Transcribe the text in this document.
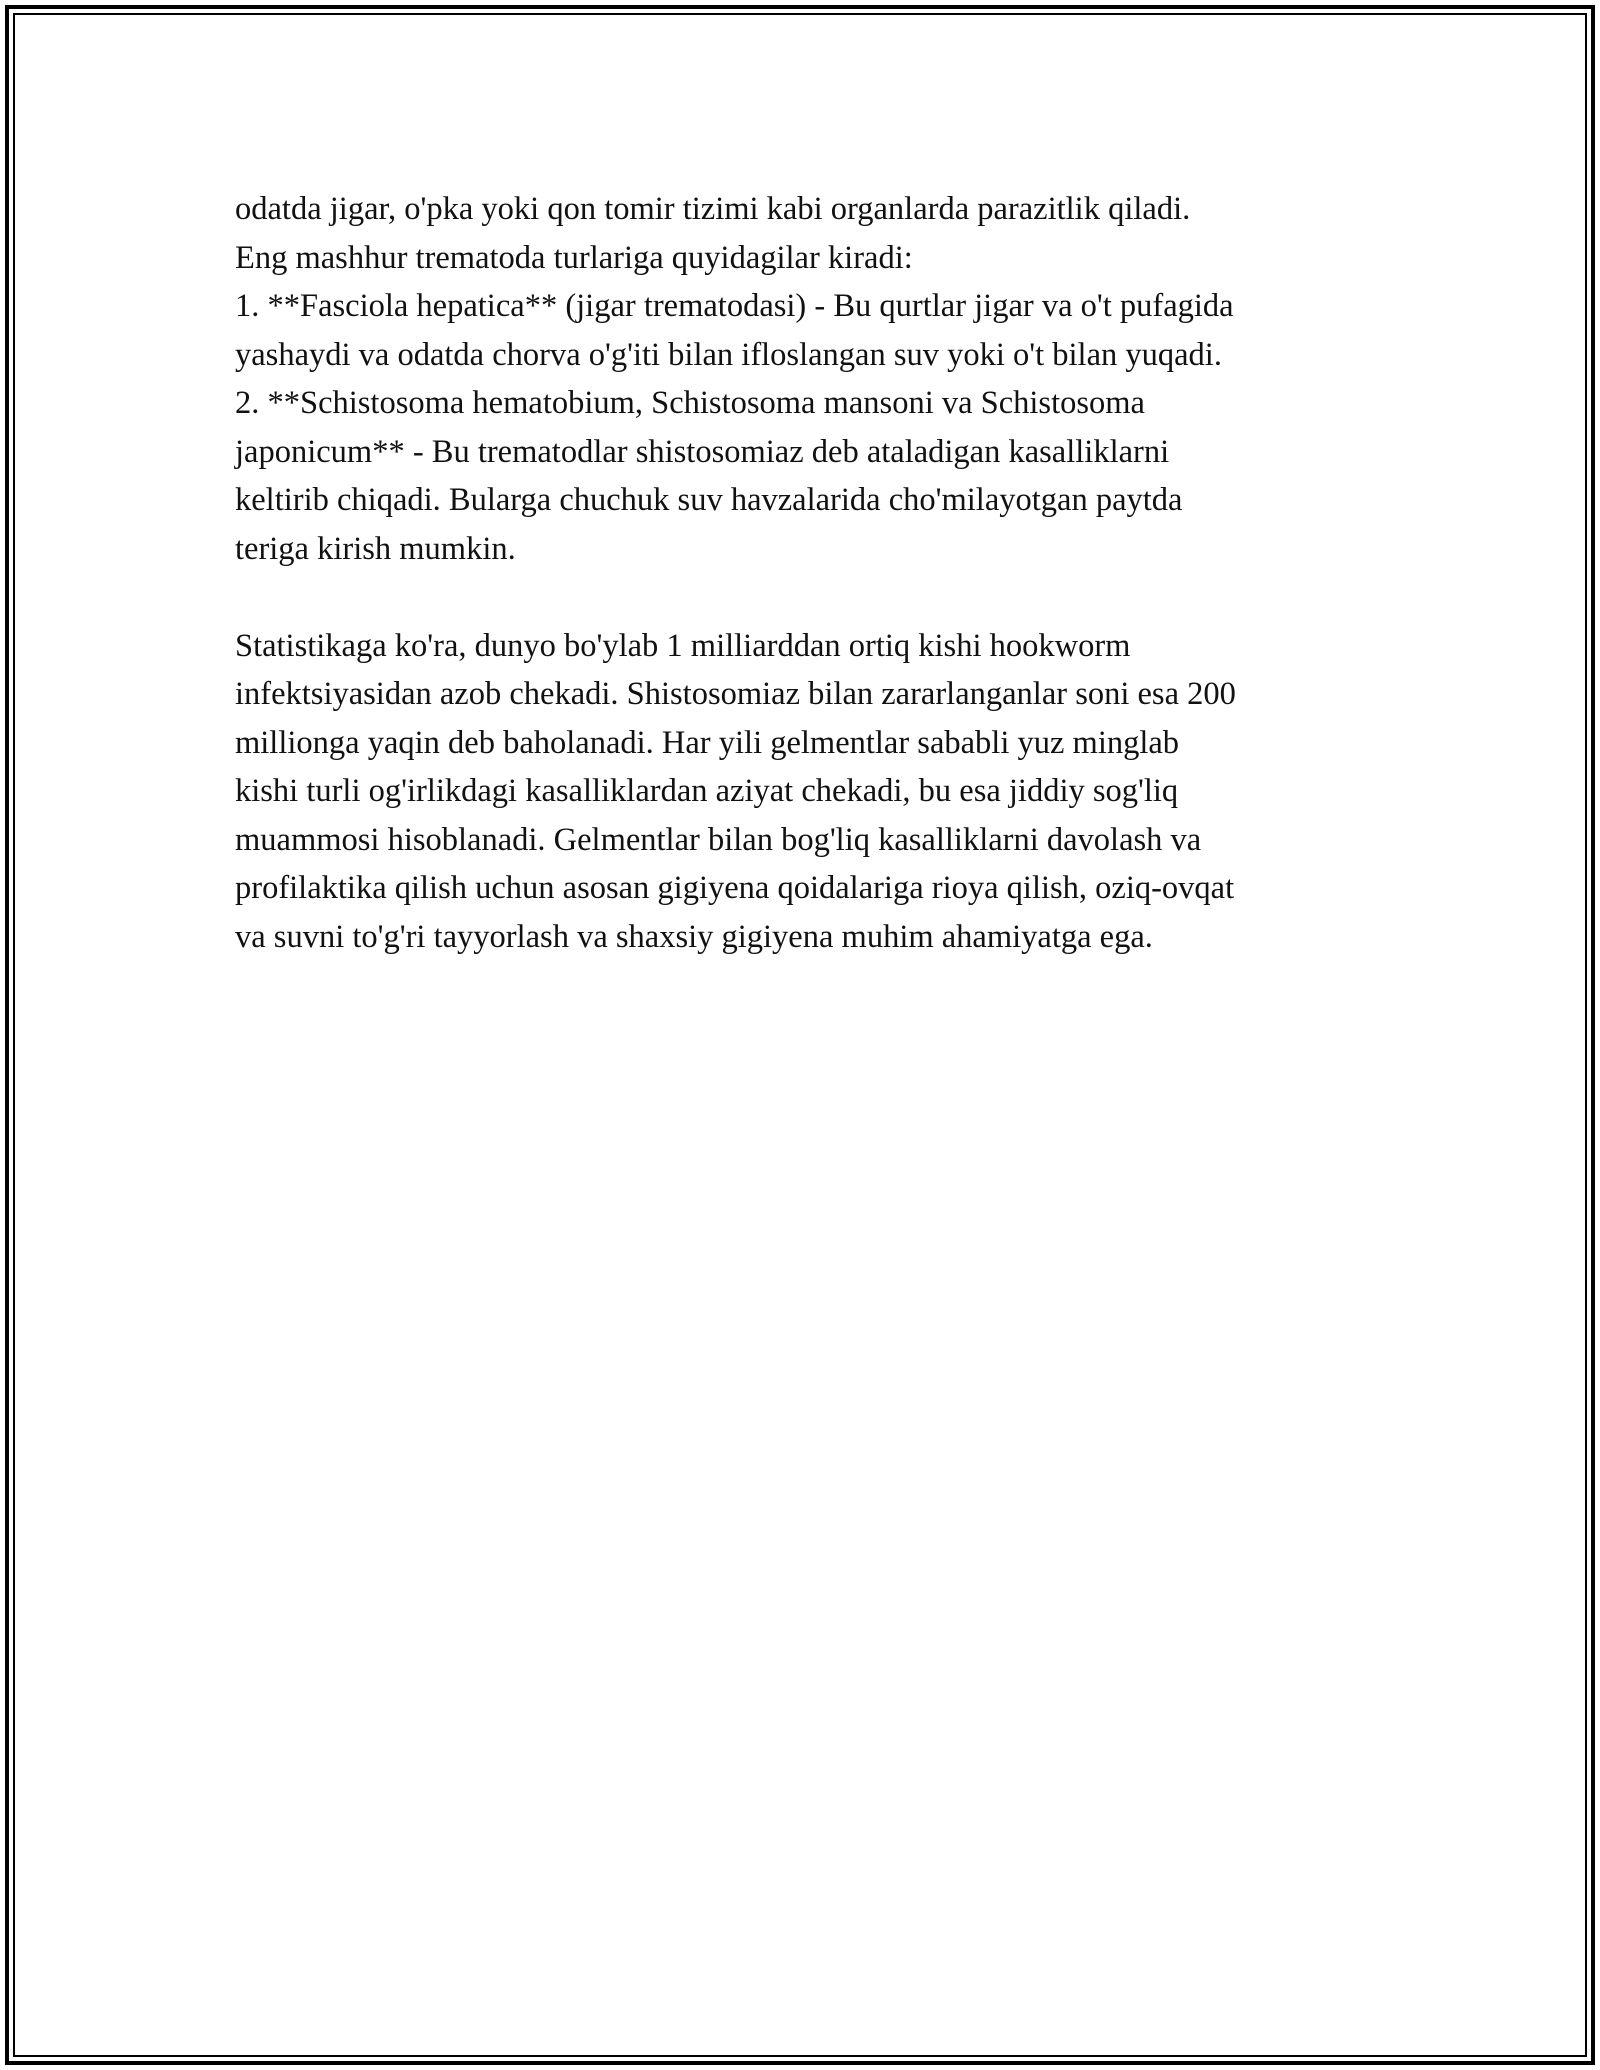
odatda jigar, o'pka yoki qon tomir tizimi kabi organlarda parazitlik qiladi.
Eng mashhur trematoda turlariga quyidagilar kiradi:
1. **Fasciola hepatica** (jigar trematodasi) - Bu qurtlar jigar va o't pufagida
yashaydi va odatda chorva o'g'iti bilan ifloslangan suv yoki o't bilan yuqadi.
2. **Schistosoma hematobium, Schistosoma mansoni va Schistosoma
japonicum** - Bu trematodlar shistosomiaz deb ataladigan kasalliklarni
keltirib chiqadi. Bularga chuchuk suv havzalarida cho'milayotgan paytda
teriga kirish mumkin.
Statistikaga ko'ra, dunyo bo'ylab 1 milliarddan ortiq kishi hookworm
infektsiyasidan azob chekadi. Shistosomiaz bilan zararlanganlar soni esa 200
millionga yaqin deb baholanadi. Har yili gelmentlar sababli yuz minglab
kishi turli og'irlikdagi kasalliklardan aziyat chekadi, bu esa jiddiy sog'liq
muammosi hisoblanadi. Gelmentlar bilan bog'liq kasalliklarni davolash va
profilaktika qilish uchun asosan gigiyena qoidalariga rioya qilish, oziq-ovqat
va suvni to'g'ri tayyorlash va shaxsiy gigiyena muhim ahamiyatga ega.
